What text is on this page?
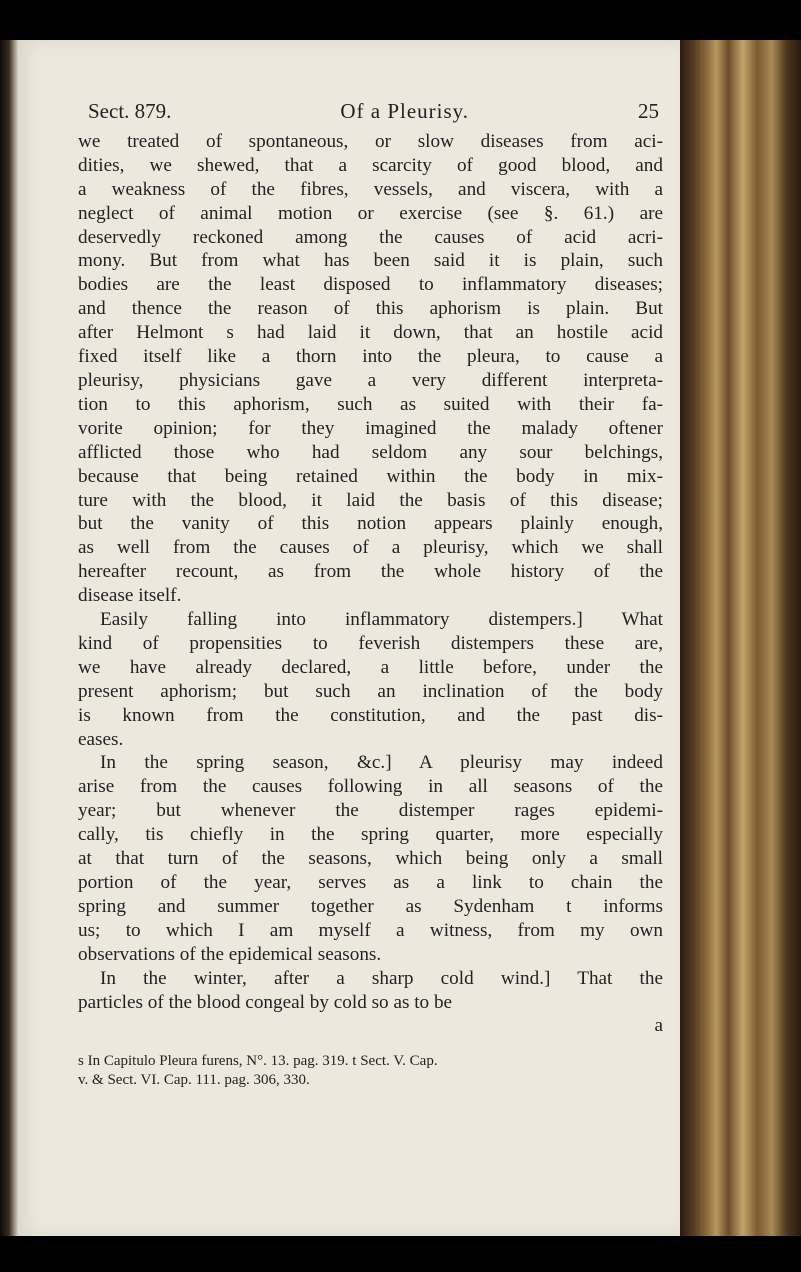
Sect. 879.	Of a Pleurisy.	25
we treated of spontaneous, or slow diseases from aci-
dities, we shewed, that a scarcity of good blood, and
a weakness of the fibres, vessels, and viscera, with a
neglect of animal motion or exercise (see §. 61.) are
deservedly reckoned among the causes of acid acri-
mony. But from what has been said it is plain, such
bodies are the least disposed to inflammatory diseases;
and thence the reason of this aphorism is plain. But
after Helmont s had laid it down, that an hostile acid
fixed itself like a thorn into the pleura, to cause a
pleurisy, physicians gave a very different interpreta-
tion to this aphorism, such as suited with their fa-
vorite opinion; for they imagined the malady oftener
afflicted those who had seldom any sour belchings,
because that being retained within the body in mix-
ture with the blood, it laid the basis of this disease;
but the vanity of this notion appears plainly enough,
as well from the causes of a pleurisy, which we shall
hereafter recount, as from the whole history of the
disease itself.
Easily falling into inflammatory distempers.] What
kind of propensities to feverish distempers these are,
we have already declared, a little before, under the
present aphorism; but such an inclination of the body
is known from the constitution, and the past dis-
eases.
In the spring season, &c.] A pleurisy may indeed
arise from the causes following in all seasons of the
year; but whenever the distemper rages epidemi-
cally, tis chiefly in the spring quarter, more especially
at that turn of the seasons, which being only a small
portion of the year, serves as a link to chain the
spring and summer together as Sydenham t informs
us; to which I am myself a witness, from my own
observations of the epidemical seasons.
In the winter, after a sharp cold wind.] That the
particles of the blood congeal by cold so as to be
a
s In Capitulo Pleura furens, N°. 13. pag. 319. t Sect. V. Cap.
v. & Sect. VI. Cap. 111. pag. 306, 330.
